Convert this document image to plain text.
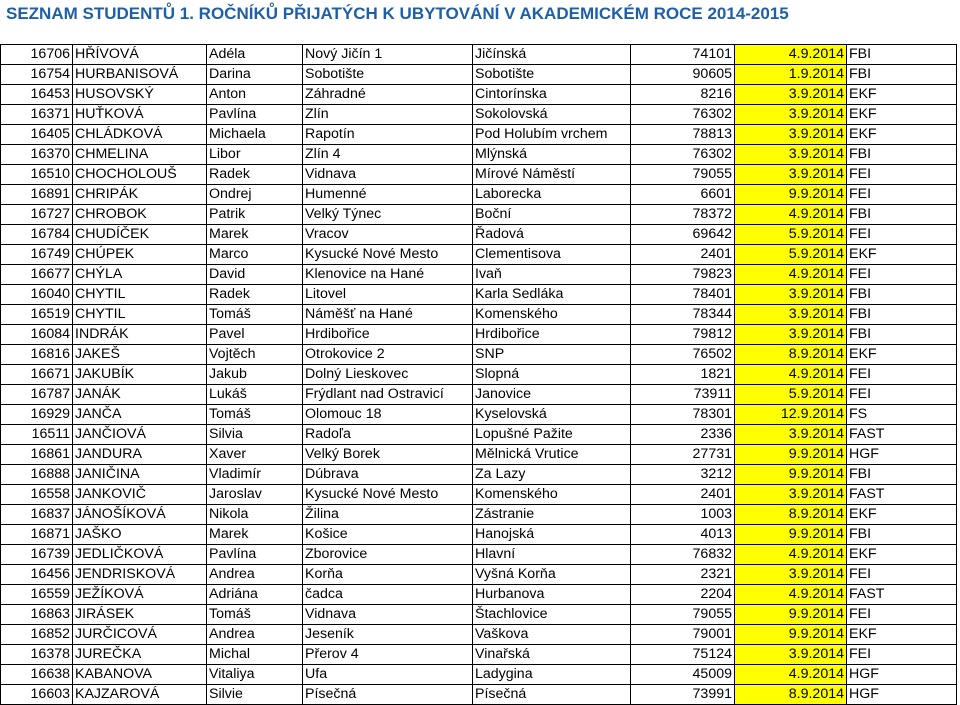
SEZNAM STUDENTŮ 1. ROČNÍKŮ PŘIJATÝCH K UBYTOVÁNÍ V AKADEMICKÉM ROCE 2014-2015
16706	HŘÍVOVÁ	Adéla	Nový Jičín 1	Jičínská	74101	4.9.2014	FBI
16754	HURBANISOVÁ	Darina	Sobotište	Sobotište	90605	1.9.2014	FBI
16453	HUSOVSKÝ	Anton	Záhradné	Cintorínska	8216	3.9.2014	EKF
16371	HUŤKOVÁ	Pavlína	Zlín	Sokolovská	76302	3.9.2014	EKF
16405	CHLÁDKOVÁ	Michaela	Rapotín	Pod Holubím vrchem	78813	3.9.2014	EKF
16370	CHMELINA	Libor	Zlín 4	Mlýnská	76302	3.9.2014	FBI
16510	CHOCHOLOUŠ	Radek	Vidnava	Mírové Náměstí	79055	3.9.2014	FEI
16891	CHRIPÁK	Ondrej	Humenné	Laborecka	6601	9.9.2014	FEI
16727	CHROBOK	Patrik	Velký Týnec	Boční	78372	4.9.2014	FBI
16784	CHUDÍČEK	Marek	Vracov	Řadová	69642	5.9.2014	FEI
16749	CHÚPEK	Marco	Kysucké Nové Mesto	Clementisova	2401	5.9.2014	EKF
16677	CHÝLA	David	Klenovice na Hané	Ivaň	79823	4.9.2014	FEI
16040	CHYTIL	Radek	Litovel	Karla Sedláka	78401	3.9.2014	FBI
16519	CHYTIL	Tomáš	Náměšť na Hané	Komenského	78344	3.9.2014	FBI
16084	INDRÁK	Pavel	Hrdibořice	Hrdibořice	79812	3.9.2014	FBI
16816	JAKEŠ	Vojtěch	Otrokovice 2	SNP	76502	8.9.2014	EKF
16671	JAKUBÍK	Jakub	Dolný Lieskovec	Slopná	1821	4.9.2014	FEI
16787	JANÁK	Lukáš	Frýdlant nad Ostravicí	Janovice	73911	5.9.2014	FEI
16929	JANČA	Tomáš	Olomouc 18	Kyselovská	78301	12.9.2014	FS
16511	JANČIOVÁ	Silvia	Radoľa	Lopušné Pažite	2336	3.9.2014	FAST
16861	JANDURA	Xaver	Velký Borek	Mělnická Vrutice	27731	9.9.2014	HGF
16888	JANIČINA	Vladimír	Dúbrava	Za Lazy	3212	9.9.2014	FBI
16558	JANKOVIČ	Jaroslav	Kysucké Nové Mesto	Komenského	2401	3.9.2014	FAST
16837	JÁNOŠÍKOVÁ	Nikola	Žilina	Zástranie	1003	8.9.2014	EKF
16871	JAŠKO	Marek	Košice	Hanojská	4013	9.9.2014	FBI
16739	JEDLIČKOVÁ	Pavlína	Zborovice	Hlavní	76832	4.9.2014	EKF
16456	JENDRISKOVÁ	Andrea	Korňa	Vyšná Korňa	2321	3.9.2014	FEI
16559	JEŽÍKOVÁ	Adriána	čadca	Hurbanova	2204	4.9.2014	FAST
16863	JIRÁSEK	Tomáš	Vidnava	Štachlovice	79055	9.9.2014	FEI
16852	JURČICOVÁ	Andrea	Jeseník	Vaškova	79001	9.9.2014	EKF
16378	JUREČKA	Michal	Přerov 4	Vinařská	75124	3.9.2014	FEI
16638	KABANOVA	Vitaliya	Ufa	Ladygina	45009	4.9.2014	HGF
16603	KAJZAROVÁ	Silvie	Písečná	Písečná	73991	8.9.2014	HGF
